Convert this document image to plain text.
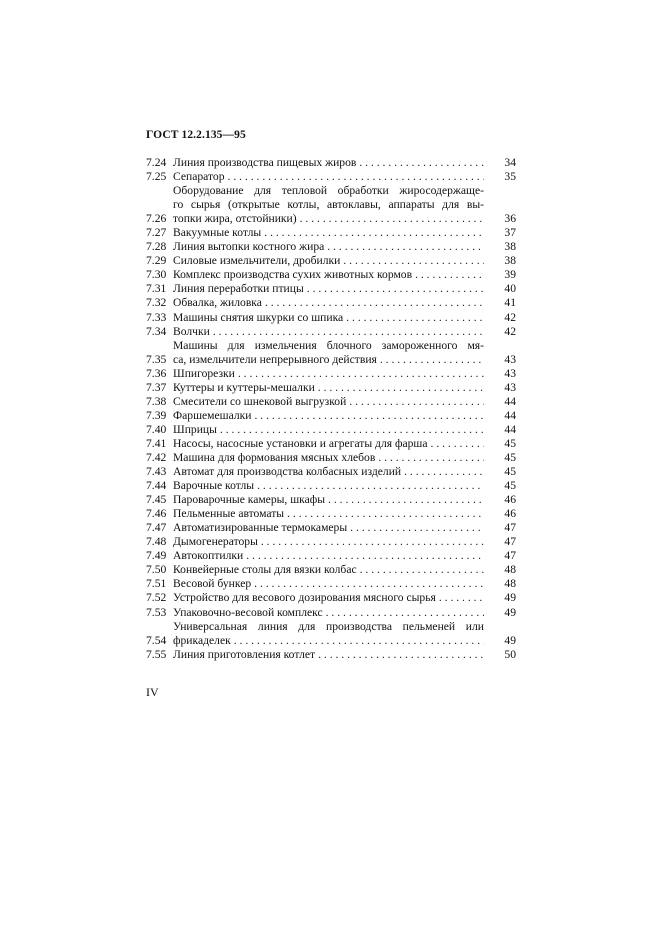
ГОСТ 12.2.135—95
7.24 Линия производства пищевых жиров . . .	34
7.25 Сепаратор . . .	35
7.26
Оборудование для тепловой обработки жиросодержаще-
го сырья (открытые котлы, автоклавы, аппараты для вы-
топки жира, отстойники) . . .	36
7.27 Вакуумные котлы . . .	37
7.28 Линия вытопки костного жира . . .	38
7.29 Силовые измельчители, дробилки . . .	38
7.30 Комплекс производства сухих животных кормов . . .	39
7.31 Линия переработки птицы . . .	40
7.32 Обвалка, жиловка . . .	41
7.33 Машины снятия шкурки со шпика . . .	42
7.34 Волчки . . .	42
7.35
Машины для измельчения блочного замороженного мя-
са, измельчители непрерывного действия . . .	43
7.36 Шпигорезки . . .	43
7.37 Куттеры и куттеры-мешалки . . .	43
7.38 Смесители со шнековой выгрузкой . . .	44
7.39 Фаршемешалки . . .	44
7.40 Шприцы . . .	44
7.41 Насосы, насосные установки и агрегаты для фарша . . .	45
7.42 Машина для формования мясных хлебов . . .	45
7.43 Автомат для производства колбасных изделий . . .	45
7.44 Варочные котлы . . .	45
7.45 Пароварочные камеры, шкафы . . .	46
7.46 Пельменные автоматы . . .	46
7.47 Автоматизированные термокамеры . . .	47
7.48 Дымогенераторы . . .	47
7.49 Автокоптилки . . .	47
7.50 Конвейерные столы для вязки колбас . . .	48
7.51 Весовой бункер . . .	48
7.52 Устройство для весового дозирования мясного сырья . . .	49
7.53 Упаковочно-весовой комплекс . . .	49
7.54
Универсальная линия для производства пельменей или
фрикаделек . . .	49
7.55 Линия приготовления котлет . . .	50
IV
